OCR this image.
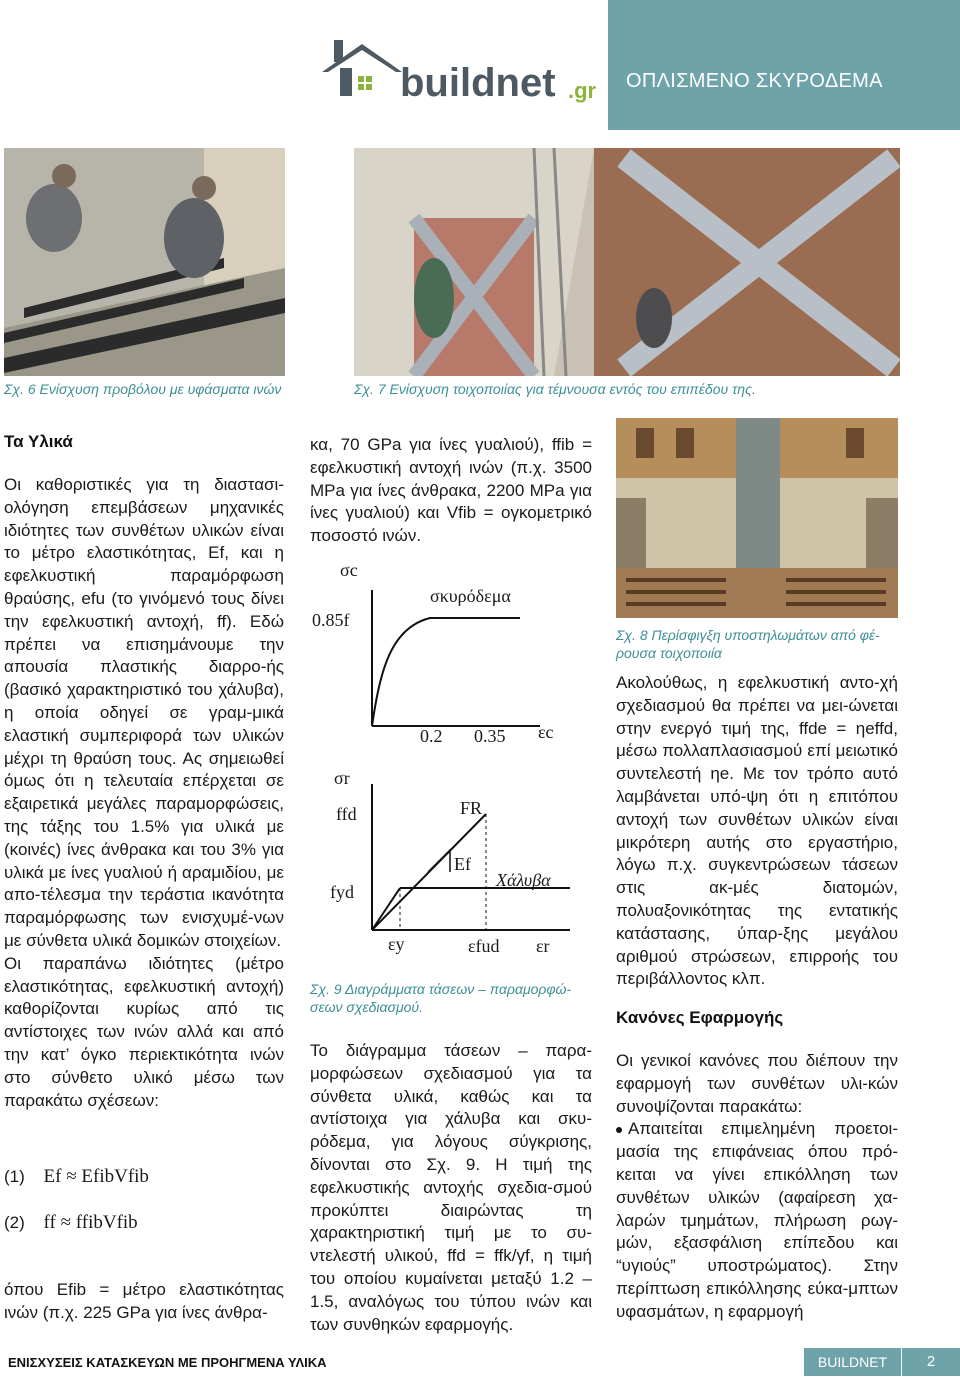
ΟΠΛΙΣΜΕΝΟ ΣΚΥΡΟΔΕΜΑ
buildnet .gr
Σχ. 6 Ενίσχυση προβόλου με υφάσματα ινών	Σχ. 7 Ενίσχυση τοιχοποιίας για τέμνουσα εντός του επιπέδου της.
Σχ. 8 Περίσφιγξη υποστηλωμάτων από φέ-
ρουσα τοιχοποιία
Τα Υλικά

Οι καθοριστικές για τη διαστασι-ολόγηση επεμβάσεων μηχανικές ιδιότητες των συνθέτων υλικών είναι το μέτρο ελαστικότητας, Ef, και η εφελκυστική παραμόρφωση θραύσης, efu (το γινόμενό τους δίνει την εφελκυστική αντοχή, ff). Εδώ πρέπει να επισημάνουμε την απουσία πλαστικής διαρρο-ής (βασικό χαρακτηριστικό του χάλυβα), η οποία οδηγεί σε γραμ-μικά ελαστική συμπεριφορά των υλικών μέχρι τη θραύση τους. Ας σημειωθεί όμως ότι η τελευταία επέρχεται σε εξαιρετικά μεγάλες παραμορφώσεις, της τάξης του 1.5% για υλικά με (κοινές) ίνες άνθρακα και του 3% για υλικά με ίνες γυαλιού ή αραμιδίου, με απο-τέλεσμα την τεράστια ικανότητα παραμόρφωσης των ενισχυμέ-νων με σύνθετα υλικά δομικών στοιχείων.

Οι παραπάνω ιδιότητες (μέτρο ελαστικότητας, εφελκυστική αντοχή) καθορίζονται κυρίως από τις αντίστοιχες των ινών αλλά και από την κατ’ όγκο περιεκτικότητα ινών στο σύνθετο υλικό μέσω των παρακάτω σχέσεων:

(1) Ef ≈ EfibVfib
(2) ff ≈ ffibVfib

όπου Efib = μέτρο ελαστικότητας ινών (π.χ. 225 GPa για ίνες άνθρα-

κα, 70 GPa για ίνες γυαλιού), ffib = εφελκυστική αντοχή ινών (π.χ. 3500 MPa για ίνες άνθρακα, 2200 MPa για ίνες γυαλιού) και Vfib = ογκομετρικό ποσοστό ινών.

σc
0.85f
σκυρόδεμα
0.2 0.35 εc
σr
ffd
fyd
FR
Ef
Χάλυβα
εy	εfud εr
Σχ. 9 Διαγράμματα τάσεων – παραμορφώ-
σεων σχεδιασμού.

Το διάγραμμα τάσεων – παρα-μορφώσεων σχεδιασμού για τα σύνθετα υλικά, καθώς και τα αντίστοιχα για χάλυβα και σκυ-ρόδεμα, για λόγους σύγκρισης, δίνονται στο Σχ. 9. Η τιμή της εφελκυστικής αντοχής σχεδια-σμού προκύπτει διαιρώντας τη χαρακτηριστική τιμή με το συ-ντελεστή υλικού, ffd = ffk/γf, η τιμή του οποίου κυμαίνεται μεταξύ 1.2 – 1.5, αναλόγως του τύπου ινών και των συνθηκών εφαρμογής.

Ακολούθως, η εφελκυστική αντο-χή σχεδιασμού θα πρέπει να μει-ώνεται στην ενεργό τιμή της, ffde = ηeffd, μέσω πολλαπλασιασμού επί μειωτικό συντελεστή ηe. Με τον τρόπο αυτό λαμβάνεται υπό-ψη ότι η επιτόπου αντοχή των συνθέτων υλικών είναι μικρότερη αυτής στο εργαστήριο, λόγω π.χ. συγκεντρώσεων τάσεων στις ακ-μές διατομών, πολυαξονικότητας της εντατικής κατάστασης, ύπαρ-ξης μεγάλου αριθμού στρώσεων, επιρροής του περιβάλλοντος κλπ.

Κανόνες Εφαρμογής

Οι γενικοί κανόνες που διέπουν την εφαρμογή των συνθέτων υλι-κών συνοψίζονται παρακάτω:

Απαιτείται επιμελημένη προετοι-μασία της επιφάνειας όπου πρό-κειται να γίνει επικόλληση των συνθέτων υλικών (αφαίρεση χα-λαρών τμημάτων, πλήρωση ρωγ-μών, εξασφάλιση επίπεδου και “υγιούς” υποστρώματος). Στην περίπτωση επικόλλησης εύκα-μπτων υφασμάτων, η εφαρμογή

ΕΝΙΣΧΥΣΕΙΣ ΚΑΤΑΣΚΕΥΩΝ ΜΕ ΠΡΟΗΓΜΕΝΑ ΥΛΙΚΑ	BUILDNET	2
